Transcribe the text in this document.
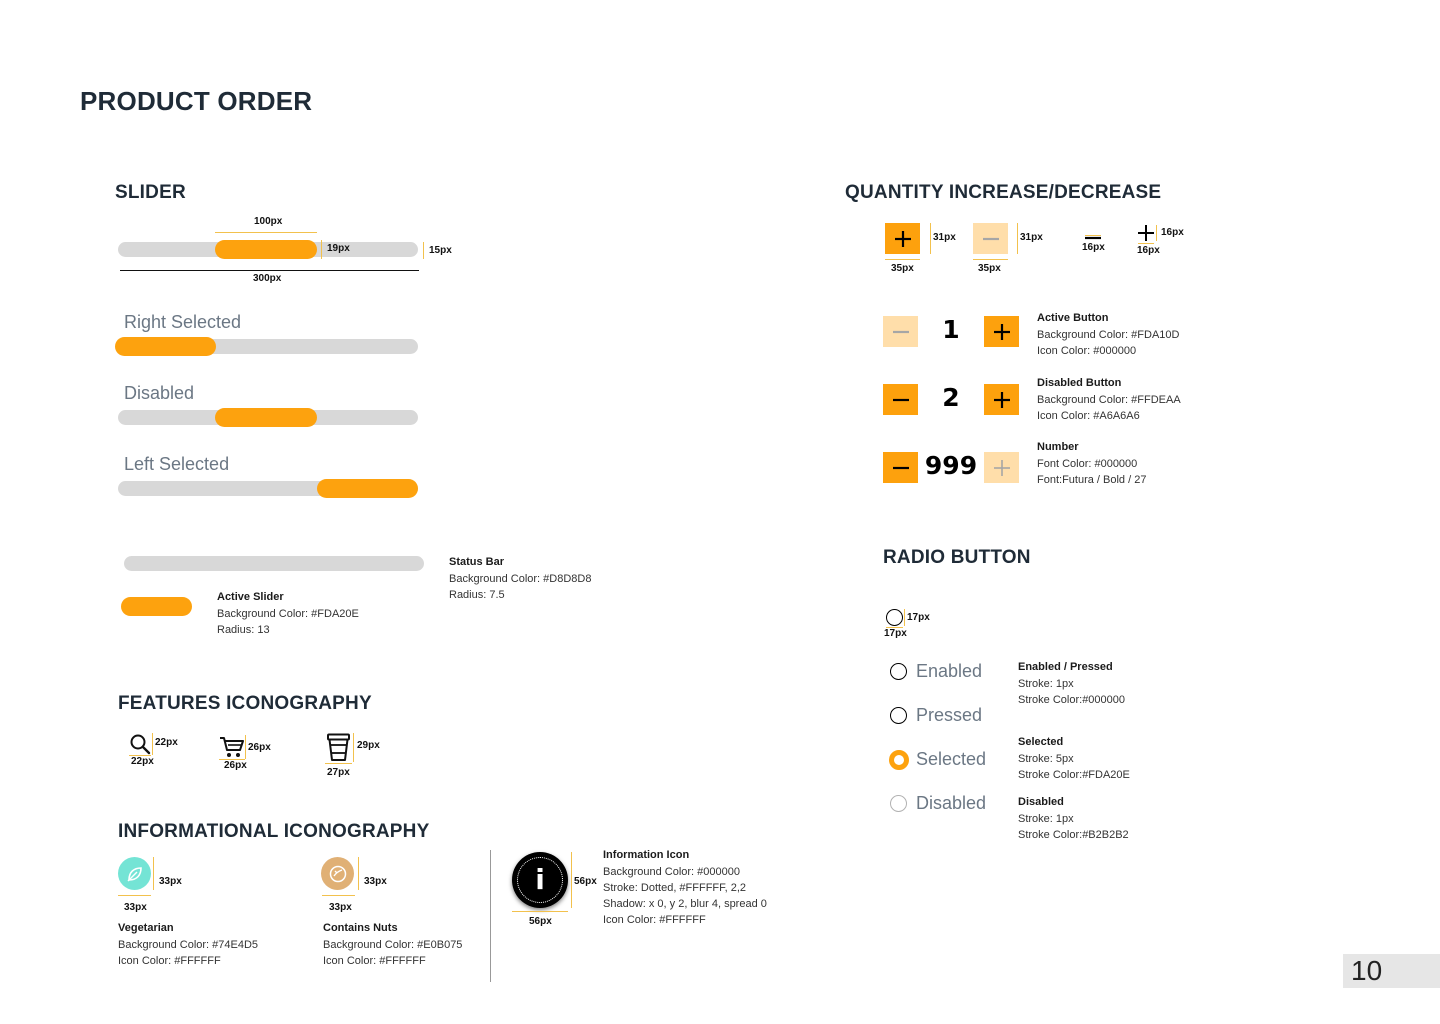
PRODUCT ORDER
SLIDER
100px
19px	15px
300px
Right Selected
Disabled
Left Selected
Status Bar
Background Color: #D8D8D8
Radius: 7.5
Active Slider
Background Color: #FDA20E
Radius: 13
FEATURES ICONOGRAPHY
22px
22px
26px
26px
29px
27px
INFORMATIONAL ICONOGRAPHY
33px
33px
Vegetarian
Background Color: #74E4D5
Icon Color: #FFFFFF
33px
33px
Contains Nuts
Background Color: #E0B075
Icon Color: #FFFFFF
i	56px
56px
Information Icon
Background Color: #000000
Stroke: Dotted, #FFFFFF, 2,2
Shadow: x 0, y 2, blur 4, spread 0
Icon Color: #FFFFFF
QUANTITY INCREASE/DECREASE
31px
35px
31px
35px
16px
16px
16px
1
2
999
Active Button
Background Color: #FDA10D
Icon Color: #000000
Disabled Button
Background Color: #FFDEAA
Icon Color: #A6A6A6
Number
Font Color: #000000
Font:Futura / Bold / 27
RADIO BUTTON
17px
17px
Enabled
Pressed
Selected
Disabled
Enabled / Pressed
Stroke: 1px
Stroke Color:#000000
Selected
Stroke: 5px
Stroke Color:#FDA20E
Disabled
Stroke: 1px
Stroke Color:#B2B2B2
10
